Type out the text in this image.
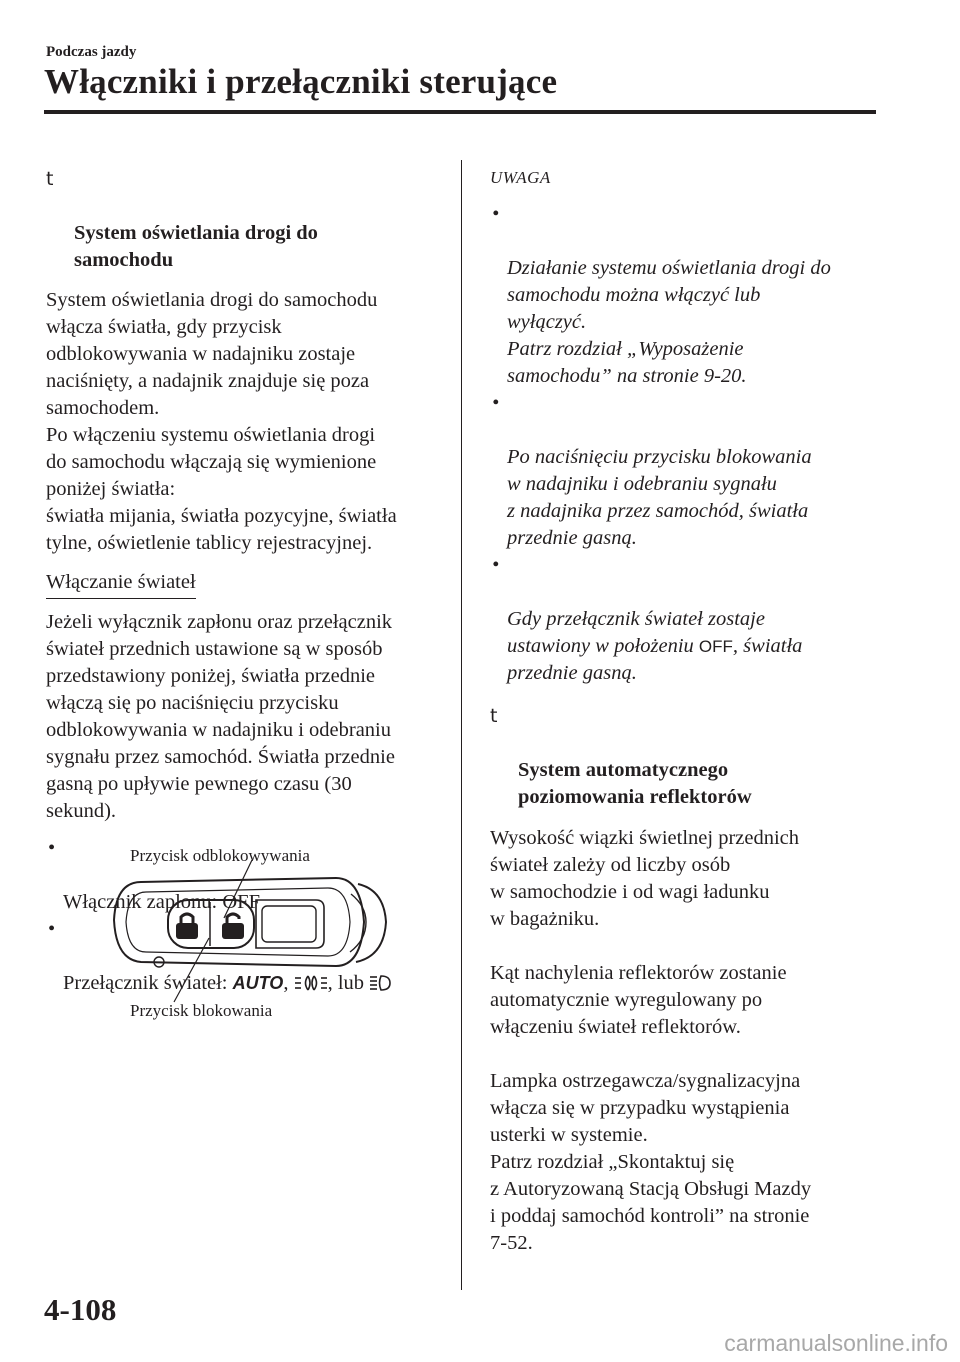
Podczas jazdy
Włączniki i przełączniki sterujące

t

System oświetlania drogi do
samochodu

System oświetlania drogi do samochodu
włącza światła, gdy przycisk
odblokowywania w nadajniku zostaje
naciśnięty, a nadajnik znajduje się poza
samochodem.
Po włączeniu systemu oświetlania drogi
do samochodu włączają się wymienione
poniżej światła:
światła mijania, światła pozycyjne, światła
tylne, oświetlenie tablicy rejestracyjnej.

Włączanie świateł

Jeżeli wyłącznik zapłonu oraz przełącznik
świateł przednich ustawione są w sposób
przedstawiony poniżej, światła przednie
włączą się po naciśnięciu przycisku
odblokowywania w nadajniku i odebraniu
sygnału przez samochód. Światła przednie
gasną po upływie pewnego czasu (30
sekund).

•

Włącznik zapłonu: OFF

•

Przełącznik świateł: AUTO, , lub

Przycisk odblokowywania
Przycisk blokowania
UWAGA

•

Działanie systemu oświetlania drogi do
samochodu można włączyć lub
wyłączyć.
Patrz rozdział „Wyposażenie
samochodu” na stronie 9-20.

•

Po naciśnięciu przycisku blokowania
w nadajniku i odebraniu sygnału
z nadajnika przez samochód, światła
przednie gasną.

•

Gdy przełącznik świateł zostaje
ustawiony w położeniu OFF, światła
przednie gasną.

t

System automatycznego
poziomowania reflektorów

Wysokość wiązki świetlnej przednich
świateł zależy od liczby osób
w samochodzie i od wagi ładunku
w bagażniku.

Kąt nachylenia reflektorów zostanie
automatycznie wyregulowany po
włączeniu świateł reflektorów.

Lampka ostrzegawcza/sygnalizacyjna
włącza się w przypadku wystąpienia
usterki w systemie.
Patrz rozdział „Skontaktuj się
z Autoryzowaną Stacją Obsługi Mazdy
i poddaj samochód kontroli” na stronie
7-52.

4-108
carmanualsonline.info
